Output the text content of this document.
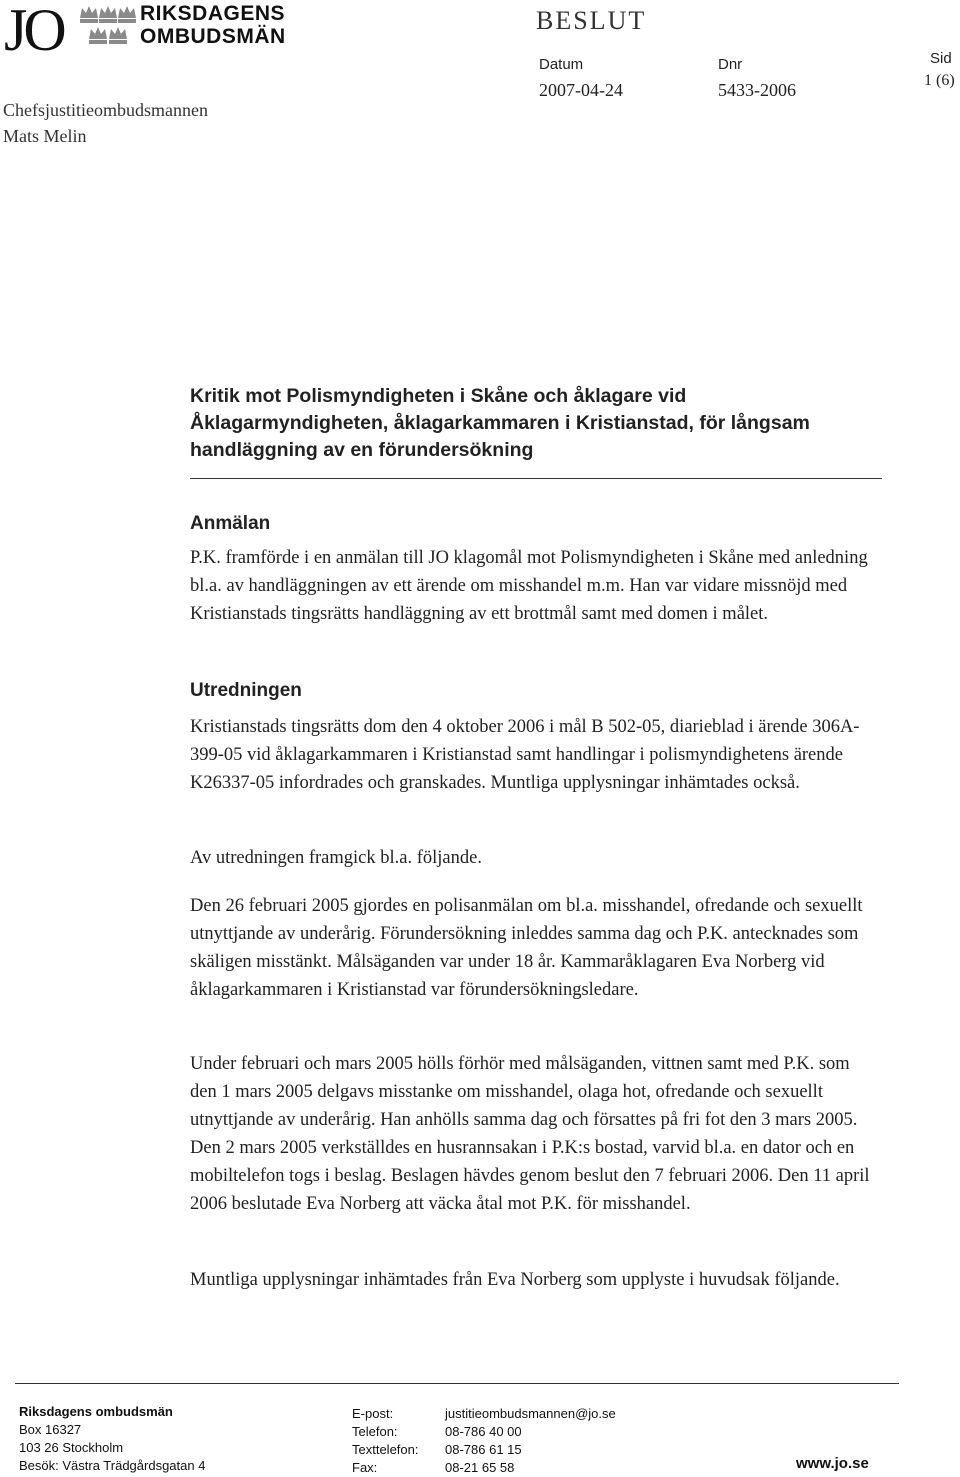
JO	RIKSDAGENS
OMBUDSMÄN
Chefsjustitieombudsmannen
Mats Melin
BESLUT
Datum
2007-04-24
Dnr
5433-2006
Sid
1 (6)
Kritik mot Polismyndigheten i Skåne och åklagare vid Åklagarmyndigheten, åklagarkammaren i Kristianstad, för långsam handläggning av en förundersökning
Anmälan
P.K. framförde i en anmälan till JO klagomål mot Polismyndigheten i Skåne med anledning bl.a. av handläggningen av ett ärende om misshandel m.m. Han var vidare missnöjd med Kristianstads tingsrätts handläggning av ett brottmål samt med domen i målet.
Utredningen
Kristianstads tingsrätts dom den 4 oktober 2006 i mål B 502-05, diarieblad i ärende 306A-399-05 vid åklagarkammaren i Kristianstad samt handlingar i polismyndighetens ärende K26337-05 infordrades och granskades. Muntliga upplysningar inhämtades också.
Av utredningen framgick bl.a. följande.
Den 26 februari 2005 gjordes en polisanmälan om bl.a. misshandel, ofredande och sexuellt utnyttjande av underårig. Förundersökning inleddes samma dag och P.K. antecknades som skäligen misstänkt. Målsäganden var under 18 år. Kammaråklagaren Eva Norberg vid åklagarkammaren i Kristianstad var förundersökningsledare.
Under februari och mars 2005 hölls förhör med målsäganden, vittnen samt med P.K. som den 1 mars 2005 delgavs misstanke om misshandel, olaga hot, ofredande och sexuellt utnyttjande av underårig. Han anhölls samma dag och försattes på fri fot den 3 mars 2005. Den 2 mars 2005 verkställdes en husrannsakan i P.K:s bostad, varvid bl.a. en dator och en mobiltelefon togs i beslag. Beslagen hävdes genom beslut den 7 februari 2006. Den 11 april 2006 beslutade Eva Norberg att väcka åtal mot P.K. för misshandel.
Muntliga upplysningar inhämtades från Eva Norberg som upplyste i huvudsak följande.
Riksdagens ombudsmän
Box 16327
103 26 Stockholm
Besök: Västra Trädgårdsgatan 4
E-post:
Telefon:
Texttelefon:
Fax:
justitieombudsmannen@jo.se
08-786 40 00
08-786 61 15
08-21 65 58	www.jo.se
